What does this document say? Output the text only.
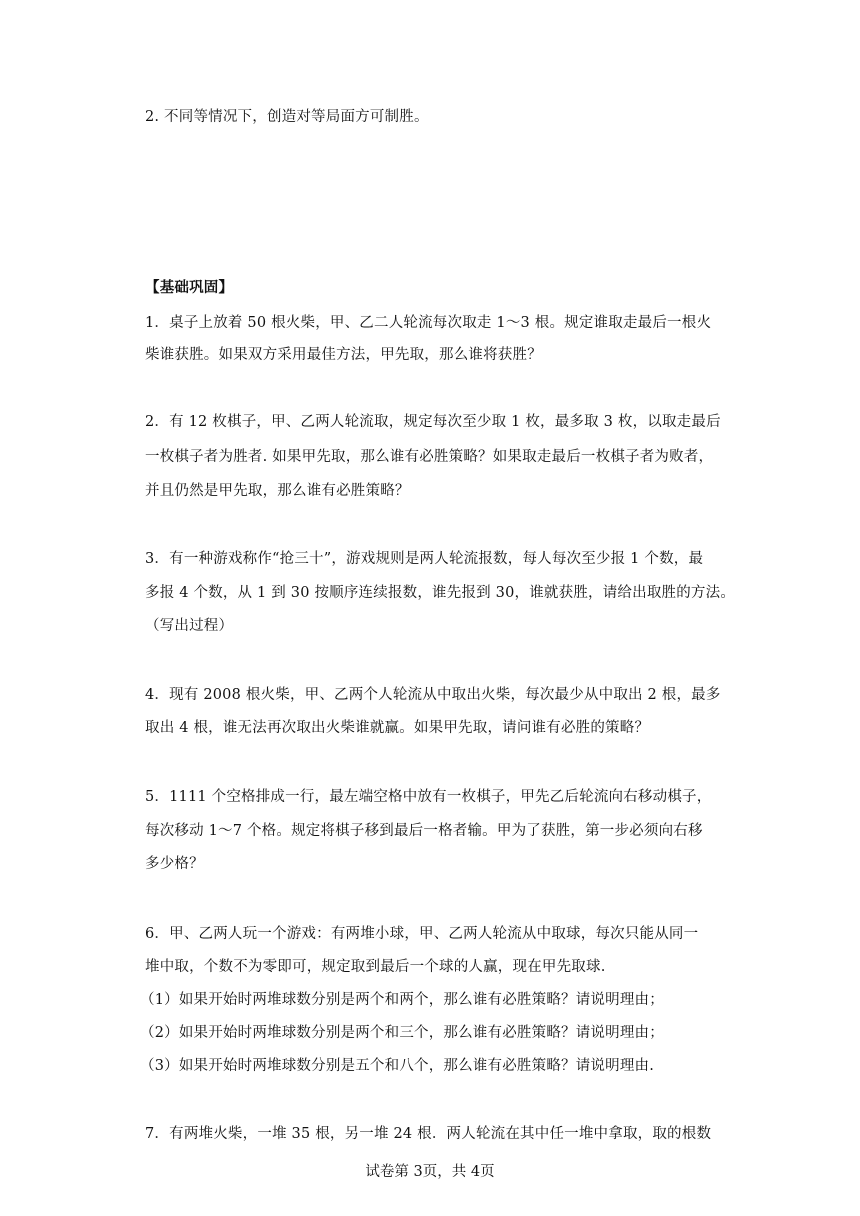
2. 不同等情况下，创造对等局面方可制胜。
【基础巩固】
1．桌子上放着 50 根火柴，甲、乙二人轮流每次取走 1～3 根。规定谁取走最后一根火
柴谁获胜。如果双方采用最佳方法，甲先取，那么谁将获胜？
2．有 12 枚棋子，甲、乙两人轮流取，规定每次至少取 1 枚，最多取 3 枚，以取走最后
一枚棋子者为胜者. 如果甲先取，那么谁有必胜策略？如果取走最后一枚棋子者为败者，
并且仍然是甲先取，那么谁有必胜策略？
3．有一种游戏称作“抢三十”，游戏规则是两人轮流报数，每人每次至少报 1 个数，最
多报 4 个数，从 1 到 30 按顺序连续报数，谁先报到 30，谁就获胜，请给出取胜的方法。
（写出过程）
4．现有 2008 根火柴，甲、乙两个人轮流从中取出火柴，每次最少从中取出 2 根，最多
取出 4 根，谁无法再次取出火柴谁就赢。如果甲先取，请问谁有必胜的策略？
5．1111 个空格排成一行，最左端空格中放有一枚棋子，甲先乙后轮流向右移动棋子，
每次移动 1～7 个格。规定将棋子移到最后一格者输。甲为了获胜，第一步必须向右移
多少格？
6．甲、乙两人玩一个游戏：有两堆小球，甲、乙两人轮流从中取球，每次只能从同一
堆中取，个数不为零即可，规定取到最后一个球的人赢，现在甲先取球.
（1）如果开始时两堆球数分别是两个和两个，那么谁有必胜策略？请说明理由；
（2）如果开始时两堆球数分别是两个和三个，那么谁有必胜策略？请说明理由；
（3）如果开始时两堆球数分别是五个和八个，那么谁有必胜策略？请说明理由.
7．有两堆火柴，一堆 35 根，另一堆 24 根．两人轮流在其中任一堆中拿取，取的根数
试卷第 3页，共 4页
